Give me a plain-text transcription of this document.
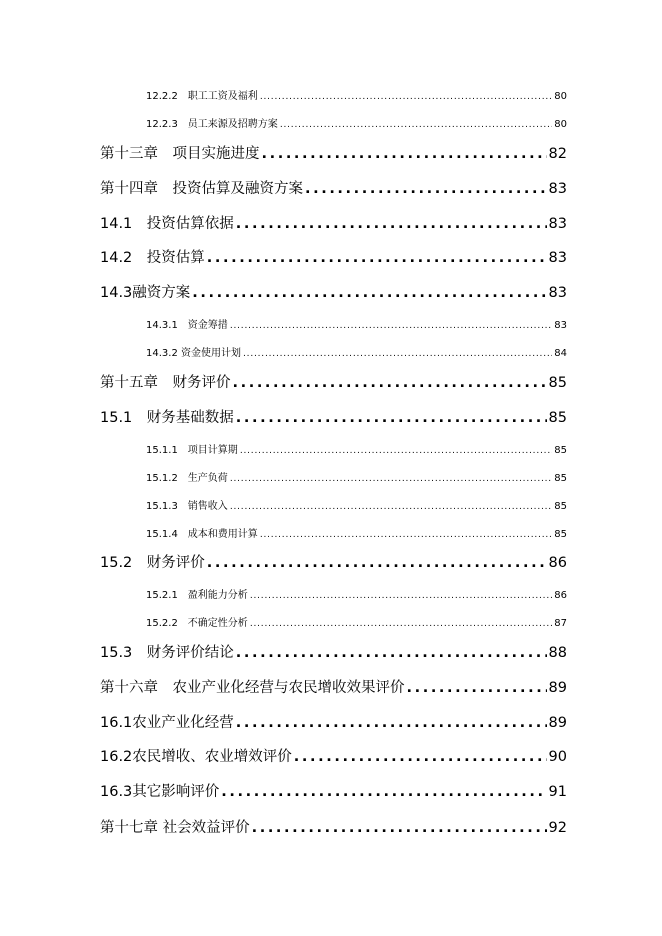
12.2.2　职工工资及福利 .....	80
12.2.3　员工来源及招聘方案 .....	80
第十三章　项目实施进度 .....	82
第十四章　投资估算及融资方案 .....	83
14.1　投资估算依据 .....	83
14.2　投资估算 .....	83
14.3融资方案 .....	83
14.3.1　资金筹措 .....	83
14.3.2 资金使用计划 .....	84
第十五章　财务评价 .....	85
15.1　财务基础数据 .....	85
15.1.1　项目计算期 .....	85
15.1.2　生产负荷 .....	85
15.1.3　销售收入 .....	85
15.1.4　成本和费用计算 .....	85
15.2　财务评价 .....	86
15.2.1　盈利能力分析 .....	86
15.2.2　不确定性分析 .....	87
15.3　财务评价结论 .....	88
第十六章　农业产业化经营与农民增收效果评价 .....	89
16.1农业产业化经营 .....	89
16.2农民增收、农业增效评价 .....	90
16.3其它影响评价 .....	91
第十七章 社会效益评价 .....	92
